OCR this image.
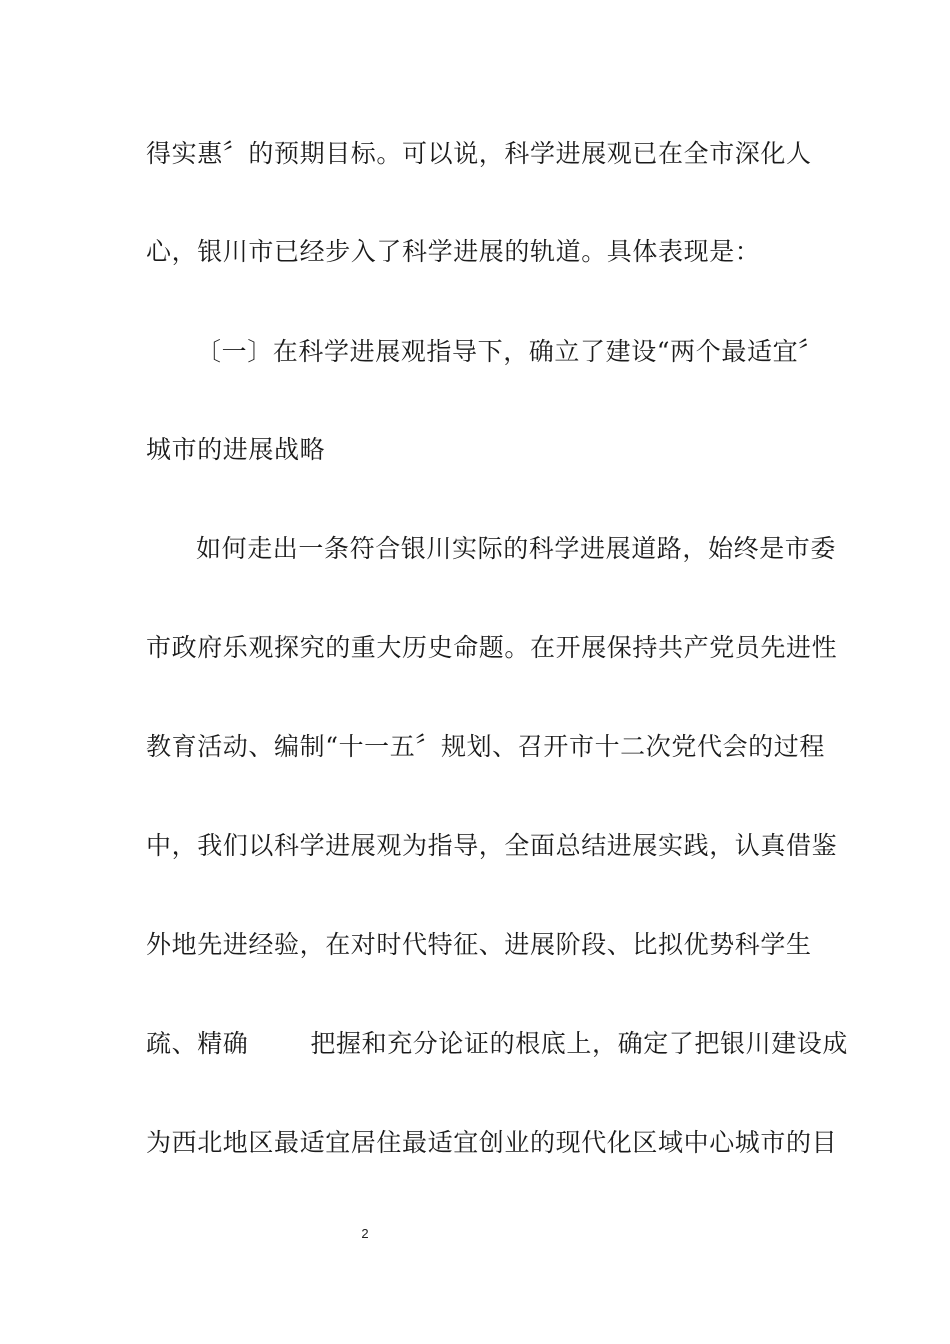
得实惠〞的预期目标。可以说，科学进展观已在全市深化人
心，银川市已经步入了科学进展的轨道。具体表现是：
〔一〕在科学进展观指导下，确立了建设“两个最适宜〞
城市的进展战略
如何走出一条符合银川实际的科学进展道路，始终是市委
市政府乐观探究的重大历史命题。在开展保持共产党员先进性
教育活动、编制“十一五〞规划、召开市十二次党代会的过程
中，我们以科学进展观为指导，全面总结进展实践，认真借鉴
外地先进经验，在对时代特征、进展阶段、比拟优势科学生
疏、精确 把握和充分论证的根底上，确定了把银川建设成
为西北地区最适宜居住最适宜创业的现代化区域中心城市的目
2
